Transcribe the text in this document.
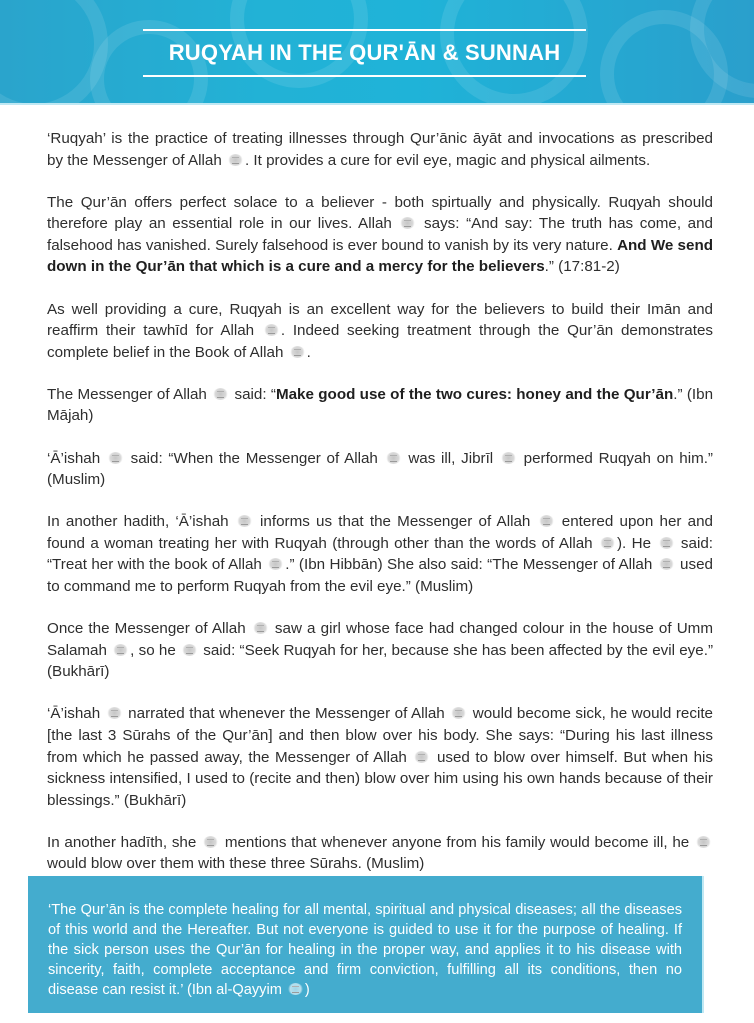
RUQYAH IN THE QUR'ĀN & SUNNAH

‘Ruqyah’ is the practice of treating illnesses through Qur’ānic āyāt and invocations as prescribed by the Messenger of Allah . It provides a cure for evil eye, magic and physical ailments.

The Qur’ān offers perfect solace to a believer - both spirtually and physically. Ruqyah should therefore play an essential role in our lives. Allah  says: “And say: The truth has come, and falsehood has vanished. Surely falsehood is ever bound to vanish by its very nature. And We send down in the Qur’ān that which is a cure and a mercy for the believers.” (17:81-2)

As well providing a cure, Ruqyah is an excellent way for the believers to build their Imān and reaffirm their tawhīd for Allah . Indeed seeking treatment through the Qur’ān demonstrates complete belief in the Book of Allah .

The Messenger of Allah  said: “Make good use of the two cures: honey and the Qur’ān.” (Ibn Mājah)

‘Ā’ishah  said: “When the Messenger of Allah  was ill, Jibrīl  performed Ruqyah on him.” (Muslim)

In another hadith, ‘Ā’ishah  informs us that the Messenger of Allah  entered upon her and found a woman treating her with Ruqyah (through other than the words of Allah ). He  said: “Treat her with the book of Allah .” (Ibn Hibbān) She also said: “The Messenger of Allah  used to command me to perform Ruqyah from the evil eye.” (Muslim)

Once the Messenger of Allah  saw a girl whose face had changed colour in the house of Umm Salamah , so he  said: “Seek Ruqyah for her, because she has been affected by the evil eye.” (Bukhārī)

‘Ā’ishah  narrated that whenever the Messenger of Allah  would become sick, he would recite [the last 3 Sūrahs of the Qur’ān] and then blow over his body. She says: “During his last illness from which he passed away, the Messenger of Allah  used to blow over himself. But when his sickness intensified, I used to (recite and then) blow over him using his own hands because of their blessings.” (Bukhārī)

In another hadīth, she  mentions that whenever anyone from his family would become ill, he  would blow over them with these three Sūrahs. (Muslim)

‘The Qur’ān is the complete healing for all mental, spiritual and physical diseases; all the diseases of this world and the Hereafter. But not everyone is guided to use it for the purpose of healing. If the sick person uses the Qur’ān for healing in the proper way, and applies it to his disease with sincerity, faith, complete acceptance and firm conviction, fulfilling all its conditions, then no disease can resist it.’ (Ibn al-Qayyim )
